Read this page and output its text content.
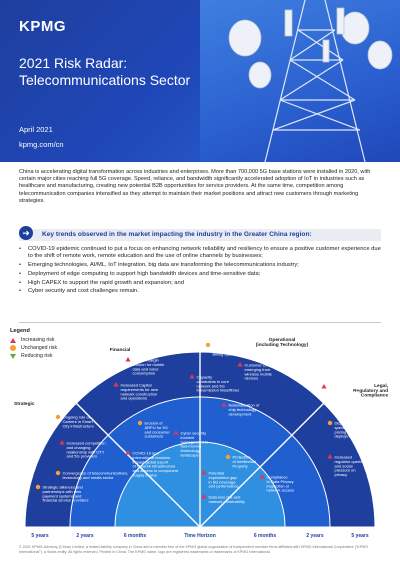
KPMG
2021 Risk Radar:
Telecommunications Sector
April 2021
kpmg.com/cn
China is accelerating digital transformation across industries and enterprises. More than 700,000 5G base stations were installed in 2020, with certain major cities reaching full 5G coverage. Speed, reliance, and bandwidth significantly accelerated adoption of IoT in industries such as healthcare and manufacturing, creating new potential B2B opportunities for service providers. At the same time, competition among telecommunication companies intensified as they attempt to maintain their market positions and attract new customers through marketing strategies.
➜	Key trends observed in the market impacting the industry in the Greater China region:
• COVID-19 epidemic continued to put a focus on enhancing network reliability and resiliency to ensure a positive customer experience due to the shift of remote work, remote education and the use of online channels by businesses;
• Emerging technologies, AI/ML, IoT integration, big data are transforming the telecommunications industry;
• Deployment of edge computing to support high bandwidth devices and time-sensitive data;
• High CAPEX to support the rapid growth and expansion; and
• Cyber security and cost challenges remain.
Legend
Increasing risk
Unchanged risk
Reducing risk
Financial
Operational (including Technology)
Strategic
Legal, Regulatory and Compliance
5 years	2 years	6 months	Time Horizon	6 months	2 years	5 years
Further margin erosion for mobile data and voice consumption
Increased Capital requirements for new network construction and operations
Erosion of ARPU for 5G and consumer customers
COVID-19 and international tensions impact global export of network infrastructure and access to component supply chains
Ongoing role of Carriers in Smart City infrastructure
Increased competition and changing relationship with OTT and 5G providers
Convergence of telecommunications, technology and media sector
Strategic alliances and partnerships with new payment systems and financial service providers
Centralization & improvement in Billing Systems
Customer churn emerging from wireless mobile devices
Capacity constraints in core network and 5G transmission lines/fibres
Nationalization of chip technology development
Cyber security incident management in fast-moving technology landscape	Protection of Intellectual Property
Potential expectation gap in 5G coverage and performance
Data loss risk and network vulnerability
Complex and stringent national and international cyber security regulations
Disputes over spectrum access, pricing and deployment
Compliance to Data Privacy inspection or network access
Increased regulator queries and social pressure on privacy
© 2021 KPMG Advisory (China) Limited, a limited liability company in China and a member firm of the KPMG global organization of independent member firms affiliated with KPMG International Cooperative ("KPMG International"), a Swiss entity. All rights reserved. Printed in China. The KPMG name, logo are registered trademarks or trademarks of KPMG International.
